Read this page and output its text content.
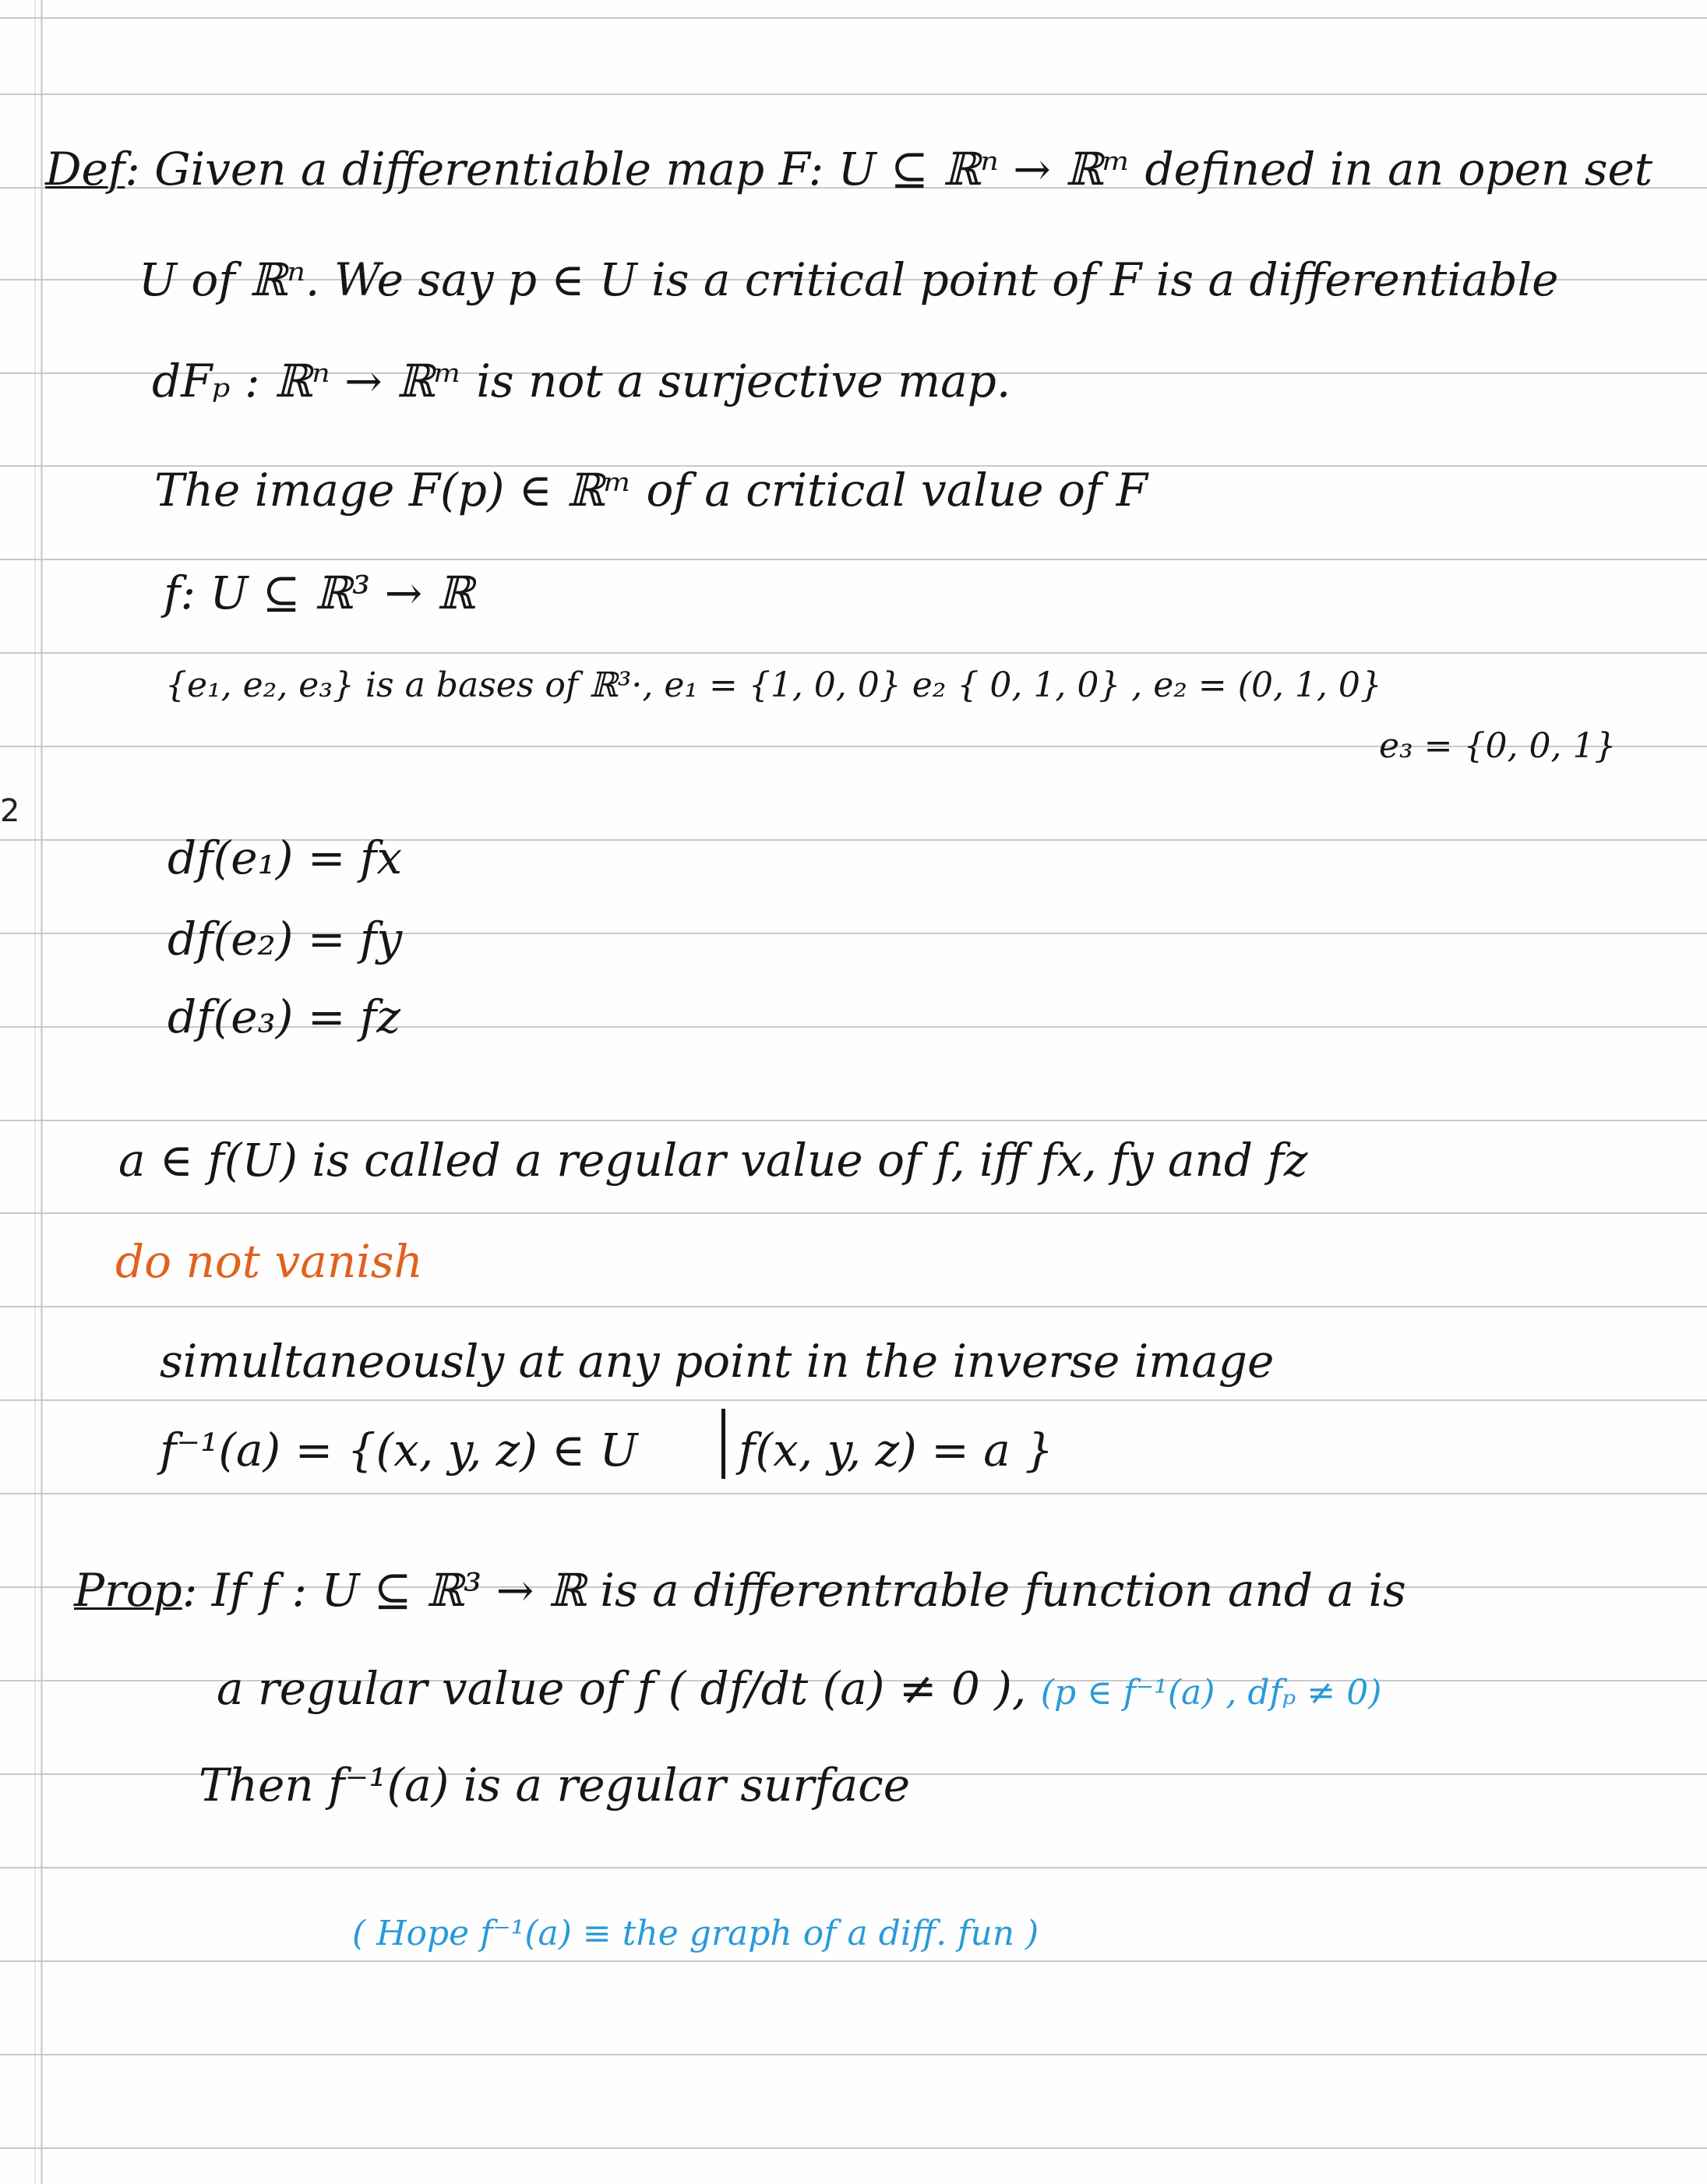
2
Def: Given a differentiable map F: U ⊆ ℝⁿ → ℝᵐ defined in an open set
U of ℝⁿ. We say p ∈ U is a critical point of F is a differentiable
dFₚ : ℝⁿ → ℝᵐ is not a surjective map.
The image F(p) ∈ ℝᵐ of a critical value of F
f: U ⊆ ℝ³ → ℝ
{e₁, e₂, e₃} is a bases of ℝ³·, e₁ = {1, 0, 0} e₂ { 0, 1, 0} , e₂ = (0, 1, 0}
e₃ = {0, 0, 1}
df(e₁) = fx
df(e₂) = fy
df(e₃) = fz
a ∈ f(U) is called a regular value of f, iff fx, fy and fz
do not vanish
simultaneously at any point in the inverse image
f⁻¹(a) = {(x, y, z) ∈ U f(x, y, z) = a }
Prop: If f : U ⊆ ℝ³ → ℝ is a differentrable function and a is
a regular value of f ( df/dt (a) ≠ 0 ), (p ∈ f⁻¹(a) , dfₚ ≠ 0)
Then f⁻¹(a) is a regular surface
( Hope f⁻¹(a) ≡ the graph of a diff. fun )
